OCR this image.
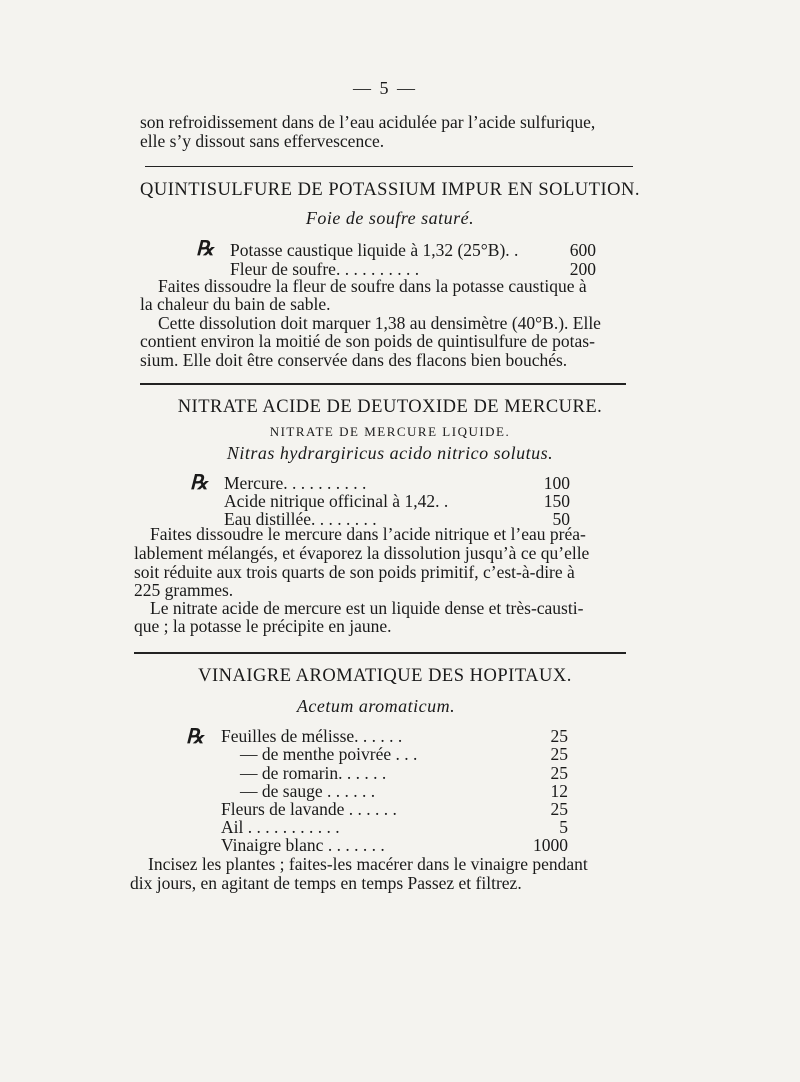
— 5 —
son refroidissement dans de l’eau acidulée par l’acide sulfurique,
elle s’y dissout sans effervescence.
QUINTISULFURE DE POTASSIUM IMPUR EN SOLUTION.
Foie de soufre saturé.
℞ Potasse caustique liquide à 1,32 (25°B). .	600
Fleur de soufre. . . . . . . . . .	200
Faites dissoudre la fleur de soufre dans la potasse caustique à
la chaleur du bain de sable.
Cette dissolution doit marquer 1,38 au densimètre (40°B.). Elle
contient environ la moitié de son poids de quintisulfure de potas-
sium. Elle doit être conservée dans des flacons bien bouchés.
NITRATE ACIDE DE DEUTOXIDE DE MERCURE.
NITRATE DE MERCURE LIQUIDE.
Nitras hydrargiricus acido nitrico solutus.
℞ Mercure. . . . . . . . . .	100
Acide nitrique officinal à 1,42. .	150
Eau distillée. . . . . . . .	50
Faites dissoudre le mercure dans l’acide nitrique et l’eau préa-
lablement mélangés, et évaporez la dissolution jusqu’à ce qu’elle
soit réduite aux trois quarts de son poids primitif, c’est-à-dire à
225 grammes.
Le nitrate acide de mercure est un liquide dense et très-causti-
que ; la potasse le précipite en jaune.
VINAIGRE AROMATIQUE DES HOPITAUX.
Acetum aromaticum.
℞ Feuilles de mélisse. . . . . .	25
— de menthe poivrée . . .	25
— de romarin. . . . . .	25
— de sauge . . . . . .	12
Fleurs de lavande . . . . . .	25
Ail . . . . . . . . . . .	5
Vinaigre blanc . . . . . . .	1000
Incisez les plantes ; faites-les macérer dans le vinaigre pendant
dix jours, en agitant de temps en temps Passez et filtrez.
